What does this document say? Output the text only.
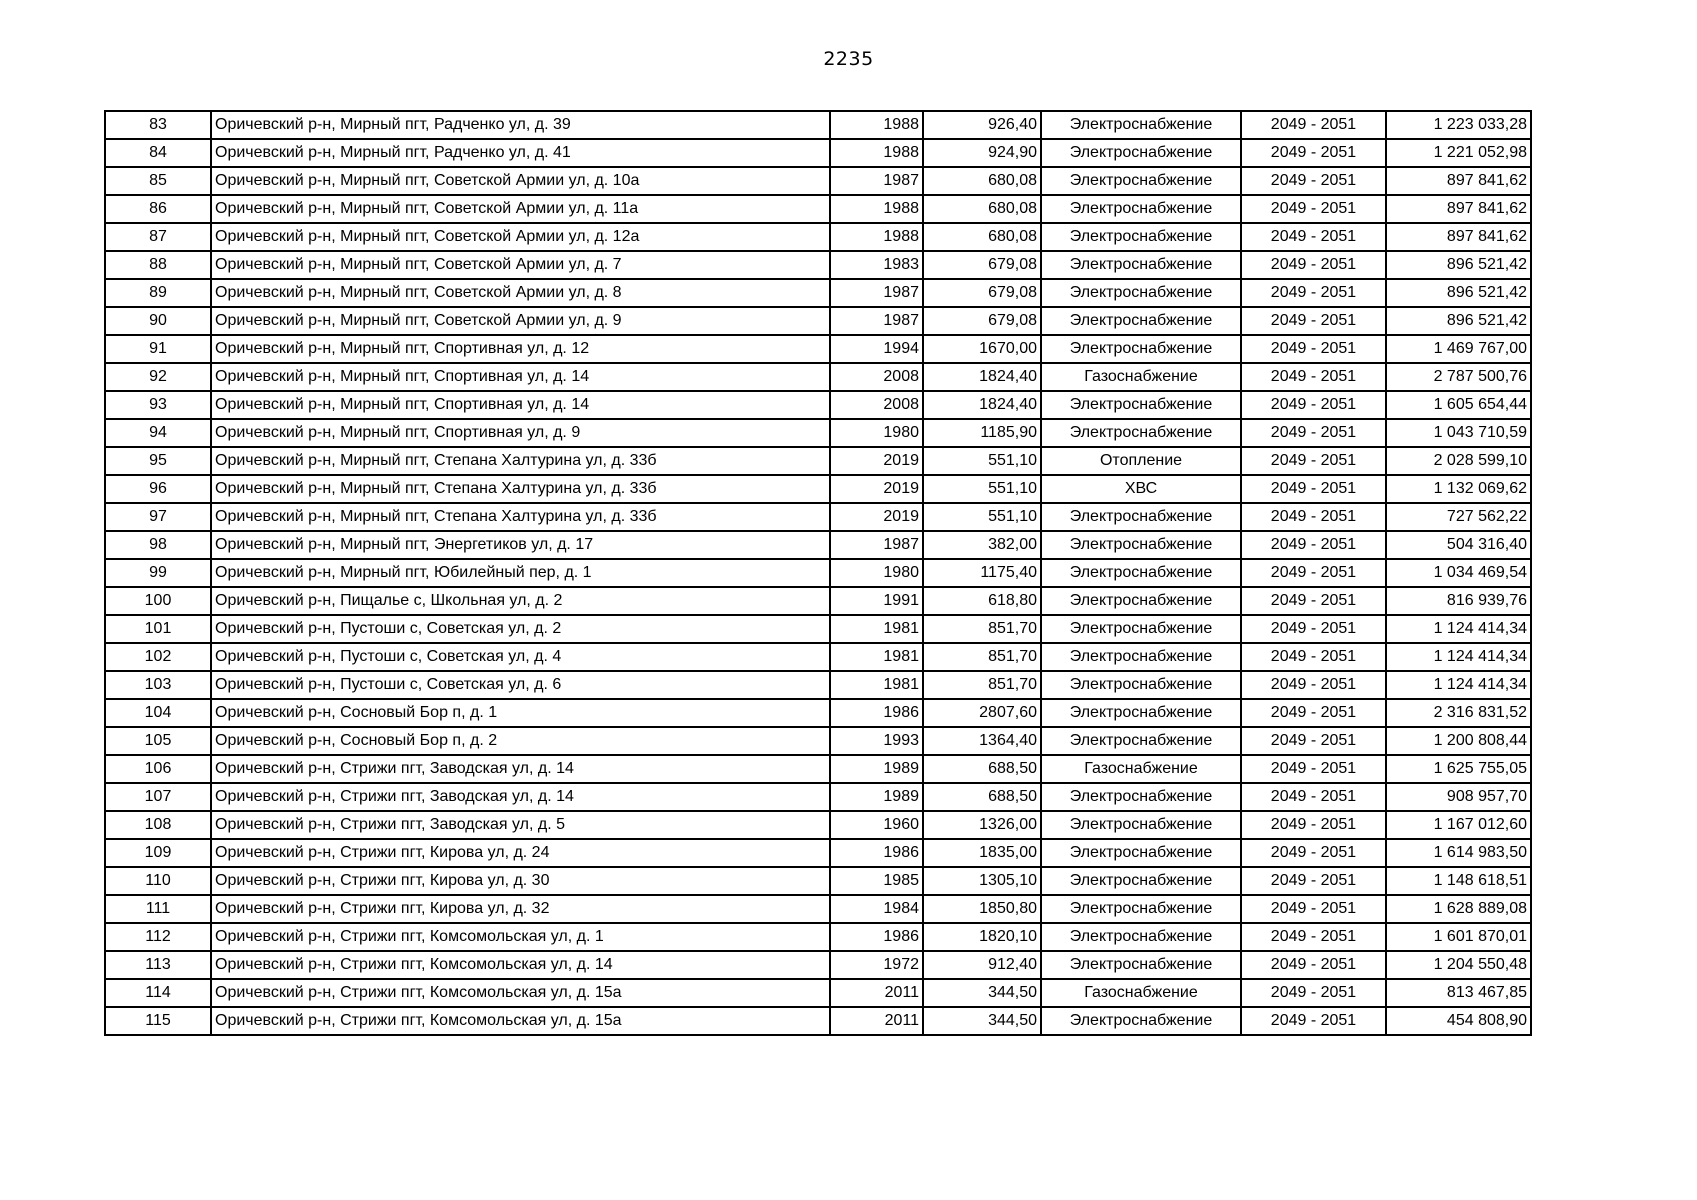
2235
83	Оричевский р-н, Мирный пгт, Радченко ул, д. 39	1988	926,40	Электроснабжение	2049 - 2051	1 223 033,28
84	Оричевский р-н, Мирный пгт, Радченко ул, д. 41	1988	924,90	Электроснабжение	2049 - 2051	1 221 052,98
85	Оричевский р-н, Мирный пгт, Советской Армии ул, д. 10а	1987	680,08	Электроснабжение	2049 - 2051	897 841,62
86	Оричевский р-н, Мирный пгт, Советской Армии ул, д. 11а	1988	680,08	Электроснабжение	2049 - 2051	897 841,62
87	Оричевский р-н, Мирный пгт, Советской Армии ул, д. 12а	1988	680,08	Электроснабжение	2049 - 2051	897 841,62
88	Оричевский р-н, Мирный пгт, Советской Армии ул, д. 7	1983	679,08	Электроснабжение	2049 - 2051	896 521,42
89	Оричевский р-н, Мирный пгт, Советской Армии ул, д. 8	1987	679,08	Электроснабжение	2049 - 2051	896 521,42
90	Оричевский р-н, Мирный пгт, Советской Армии ул, д. 9	1987	679,08	Электроснабжение	2049 - 2051	896 521,42
91	Оричевский р-н, Мирный пгт, Спортивная ул, д. 12	1994	1670,00	Электроснабжение	2049 - 2051	1 469 767,00
92	Оричевский р-н, Мирный пгт, Спортивная ул, д. 14	2008	1824,40	Газоснабжение	2049 - 2051	2 787 500,76
93	Оричевский р-н, Мирный пгт, Спортивная ул, д. 14	2008	1824,40	Электроснабжение	2049 - 2051	1 605 654,44
94	Оричевский р-н, Мирный пгт, Спортивная ул, д. 9	1980	1185,90	Электроснабжение	2049 - 2051	1 043 710,59
95	Оричевский р-н, Мирный пгт, Степана Халтурина ул, д. 33б	2019	551,10	Отопление	2049 - 2051	2 028 599,10
96	Оричевский р-н, Мирный пгт, Степана Халтурина ул, д. 33б	2019	551,10	ХВС	2049 - 2051	1 132 069,62
97	Оричевский р-н, Мирный пгт, Степана Халтурина ул, д. 33б	2019	551,10	Электроснабжение	2049 - 2051	727 562,22
98	Оричевский р-н, Мирный пгт, Энергетиков ул, д. 17	1987	382,00	Электроснабжение	2049 - 2051	504 316,40
99	Оричевский р-н, Мирный пгт, Юбилейный пер, д. 1	1980	1175,40	Электроснабжение	2049 - 2051	1 034 469,54
100	Оричевский р-н, Пищалье с, Школьная ул, д. 2	1991	618,80	Электроснабжение	2049 - 2051	816 939,76
101	Оричевский р-н, Пустоши с, Советская ул, д. 2	1981	851,70	Электроснабжение	2049 - 2051	1 124 414,34
102	Оричевский р-н, Пустоши с, Советская ул, д. 4	1981	851,70	Электроснабжение	2049 - 2051	1 124 414,34
103	Оричевский р-н, Пустоши с, Советская ул, д. 6	1981	851,70	Электроснабжение	2049 - 2051	1 124 414,34
104	Оричевский р-н, Сосновый Бор п, д. 1	1986	2807,60	Электроснабжение	2049 - 2051	2 316 831,52
105	Оричевский р-н, Сосновый Бор п, д. 2	1993	1364,40	Электроснабжение	2049 - 2051	1 200 808,44
106	Оричевский р-н, Стрижи пгт, Заводская ул, д. 14	1989	688,50	Газоснабжение	2049 - 2051	1 625 755,05
107	Оричевский р-н, Стрижи пгт, Заводская ул, д. 14	1989	688,50	Электроснабжение	2049 - 2051	908 957,70
108	Оричевский р-н, Стрижи пгт, Заводская ул, д. 5	1960	1326,00	Электроснабжение	2049 - 2051	1 167 012,60
109	Оричевский р-н, Стрижи пгт, Кирова ул, д. 24	1986	1835,00	Электроснабжение	2049 - 2051	1 614 983,50
110	Оричевский р-н, Стрижи пгт, Кирова ул, д. 30	1985	1305,10	Электроснабжение	2049 - 2051	1 148 618,51
111	Оричевский р-н, Стрижи пгт, Кирова ул, д. 32	1984	1850,80	Электроснабжение	2049 - 2051	1 628 889,08
112	Оричевский р-н, Стрижи пгт, Комсомольская ул, д. 1	1986	1820,10	Электроснабжение	2049 - 2051	1 601 870,01
113	Оричевский р-н, Стрижи пгт, Комсомольская ул, д. 14	1972	912,40	Электроснабжение	2049 - 2051	1 204 550,48
114	Оричевский р-н, Стрижи пгт, Комсомольская ул, д. 15а	2011	344,50	Газоснабжение	2049 - 2051	813 467,85
115	Оричевский р-н, Стрижи пгт, Комсомольская ул, д. 15а	2011	344,50	Электроснабжение	2049 - 2051	454 808,90
